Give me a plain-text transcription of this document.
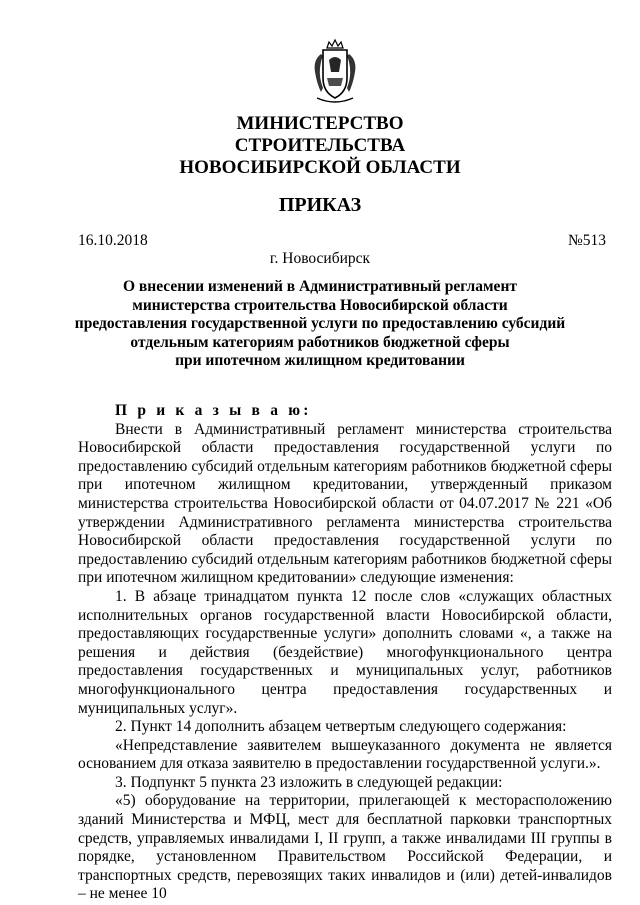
МИНИСТЕРСТВО
СТРОИТЕЛЬСТВА
НОВОСИБИРСКОЙ ОБЛАСТИ
ПРИКАЗ
16.10.2018	№513
г. Новосибирск
О внесении изменений в Административный регламент
министерства строительства Новосибирской области
предоставления государственной услуги по предоставлению субсидий
отдельным категориям работников бюджетной сферы
при ипотечном жилищном кредитовании

П р и к а з ы в а ю:

Внести в Административный регламент министерства строительства Новосибирской области предоставления государственной услуги по предоставлению субсидий отдельным категориям работников бюджетной сферы при ипотечном жилищном кредитовании, утвержденный приказом министерства строительства Новосибирской области от 04.07.2017 № 221 «Об утверждении Административного регламента министерства строительства Новосибирской области предоставления государственной услуги по предоставлению субсидий отдельным категориям работников бюджетной сферы при ипотечном жилищном кредитовании» следующие изменения:

1. В абзаце тринадцатом пункта 12 после слов «служащих областных исполнительных органов государственной власти Новосибирской области, предоставляющих государственные услуги» дополнить словами «, а также на решения и действия (бездействие) многофункционального центра предоставления государственных и муниципальных услуг, работников многофункционального центра предоставления государственных и муниципальных услуг».

2. Пункт 14 дополнить абзацем четвертым следующего содержания:

«Непредставление заявителем вышеуказанного документа не является основанием для отказа заявителю в предоставлении государственной услуги.».

3. Подпункт 5 пункта 23 изложить в следующей редакции:

«5) оборудование на территории, прилегающей к месторасположению зданий Министерства и МФЦ, мест для бесплатной парковки транспортных средств, управляемых инвалидами I, II групп, а также инвалидами III группы в порядке, установленном Правительством Российской Федерации, и транспортных средств, перевозящих таких инвалидов и (или) детей-инвалидов – не менее 10
